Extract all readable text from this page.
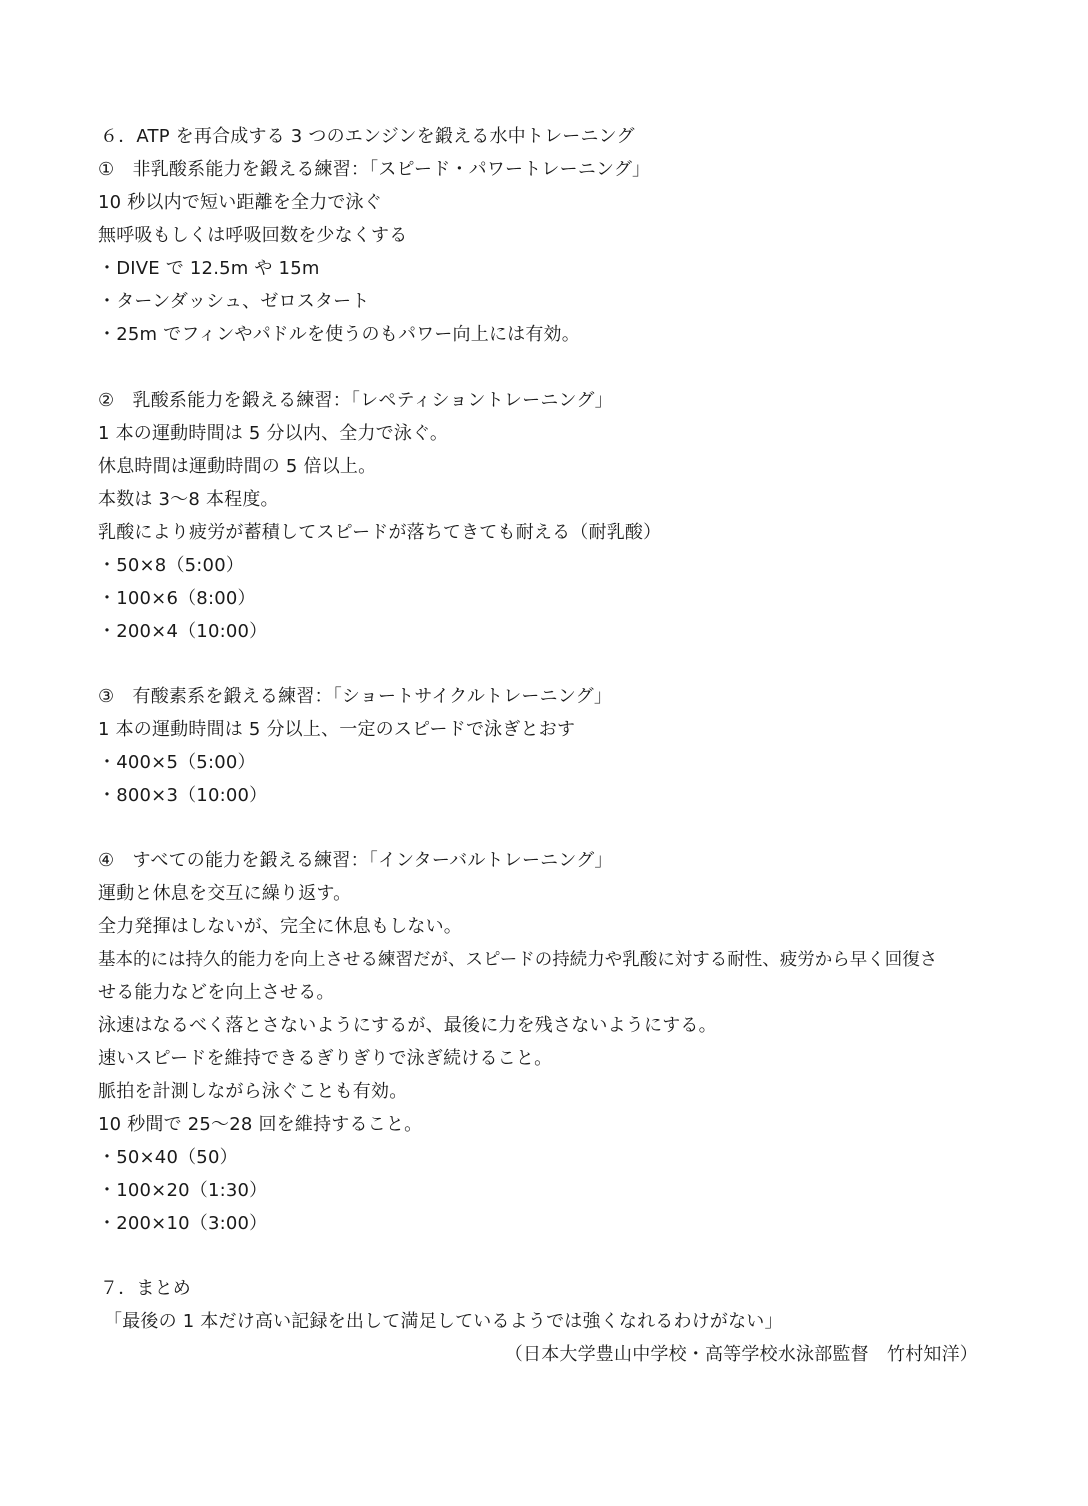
６．ATP を再合成する 3 つのエンジンを鍛える水中トレーニング
①　非乳酸系能力を鍛える練習：「スピード・パワートレーニング」
10 秒以内で短い距離を全力で泳ぐ
無呼吸もしくは呼吸回数を少なくする
・DIVE で 12.5m や 15m
・ターンダッシュ、ゼロスタート
・25m でフィンやパドルを使うのもパワー向上には有効。
②　乳酸系能力を鍛える練習：「レペティショントレーニング」
1 本の運動時間は 5 分以内、全力で泳ぐ。
休息時間は運動時間の 5 倍以上。
本数は 3～8 本程度。
乳酸により疲労が蓄積してスピードが落ちてきても耐える（耐乳酸）
・50×8（5:00）
・100×6（8:00）
・200×4（10:00）
③　有酸素系を鍛える練習：「ショートサイクルトレーニング」
1 本の運動時間は 5 分以上、一定のスピードで泳ぎとおす
・400×5（5:00）
・800×3（10:00）
④　すべての能力を鍛える練習：「インターバルトレーニング」
運動と休息を交互に繰り返す。
全力発揮はしないが、完全に休息もしない。
基本的には持久的能力を向上させる練習だが、スピードの持続力や乳酸に対する耐性、疲労から早く回復さ
せる能力などを向上させる。
泳速はなるべく落とさないようにするが、最後に力を残さないようにする。
速いスピードを維持できるぎりぎりで泳ぎ続けること。
脈拍を計測しながら泳ぐことも有効。
10 秒間で 25～28 回を維持すること。
・50×40（50）
・100×20（1:30）
・200×10（3:00）
７．まとめ
「最後の 1 本だけ高い記録を出して満足しているようでは強くなれるわけがない」
（日本大学豊山中学校・高等学校水泳部監督　竹村知洋）
